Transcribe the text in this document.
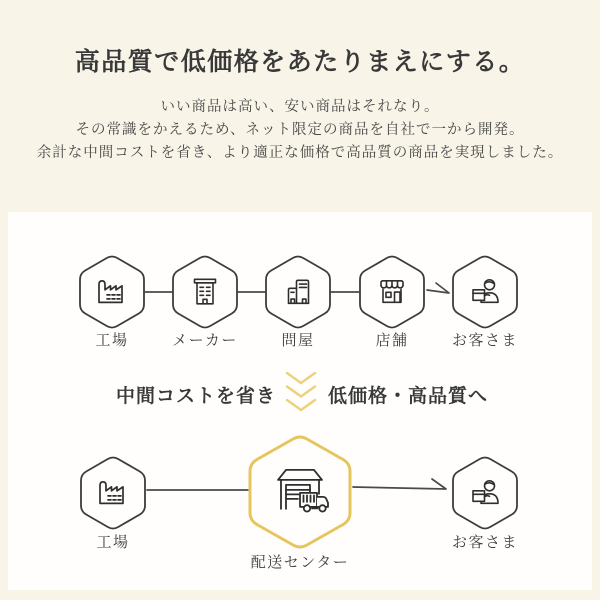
高品質で低価格をあたりまえにする。
いい商品は高い、安い商品はそれなり。
その常識をかえるため、ネット限定の商品を自社で一から開発。
余計な中間コストを省き、より適正な価格で高品質の商品を実現しました。
工場	メーカー	問屋	店舗	お客さま
中間コストを省き	低価格・高品質へ
工場
配送センター
お客さま
